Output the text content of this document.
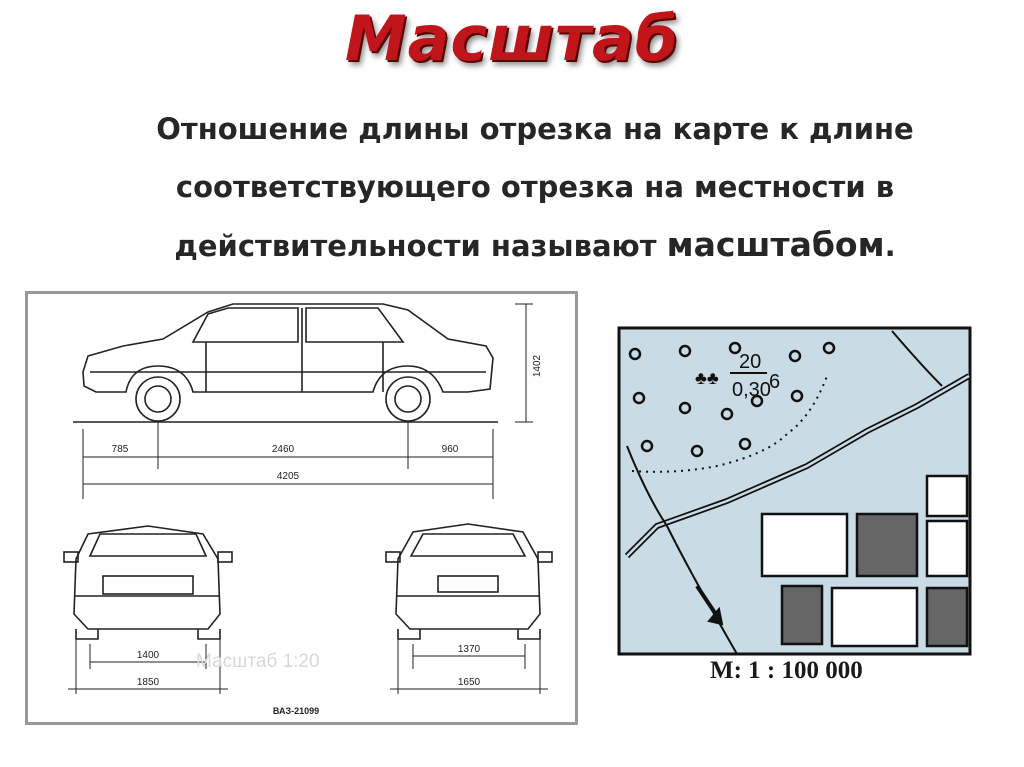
Масштаб
Отношение длины отрезка на карте к длине
соответствующего отрезка на местности в
действительности называют масштабом.
785	2460	960
4205
1402
1400
1850
1370
1650
ВАЗ-21099
Масштаб 1:20
20
0,30
6
♣♣
М: 1 : 100 000
